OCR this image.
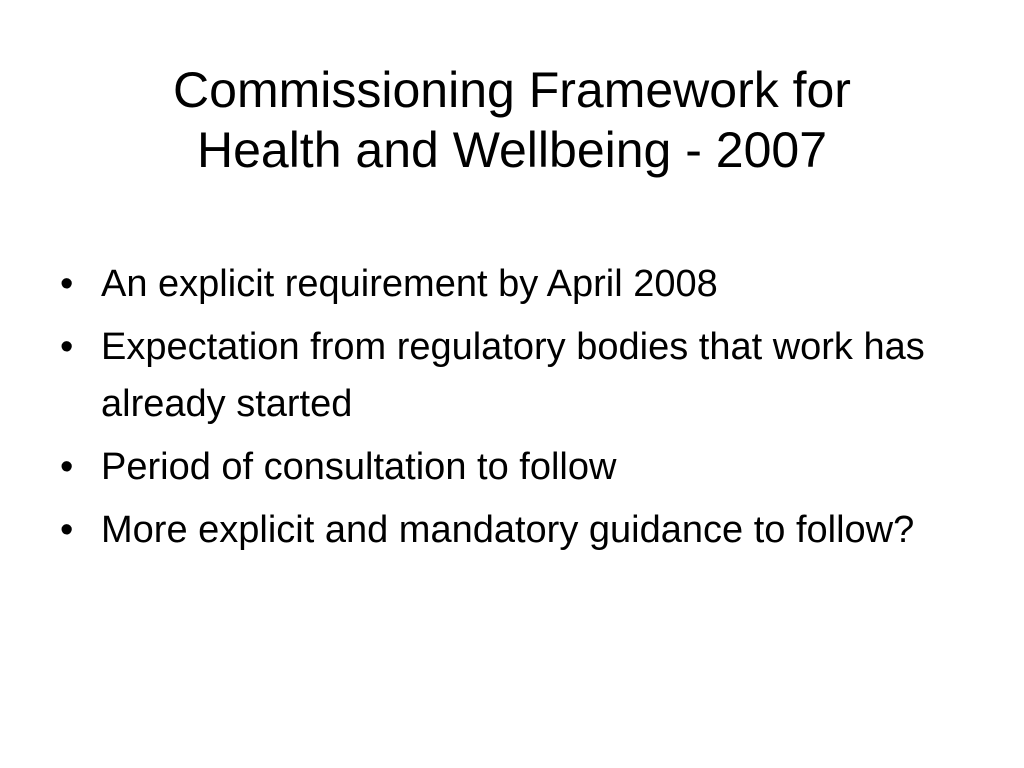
Commissioning Framework for
Health and Wellbeing - 2007
• An explicit requirement by April 2008
• Expectation from regulatory bodies that work has already started
• Period of consultation to follow
• More explicit and mandatory guidance to follow?
